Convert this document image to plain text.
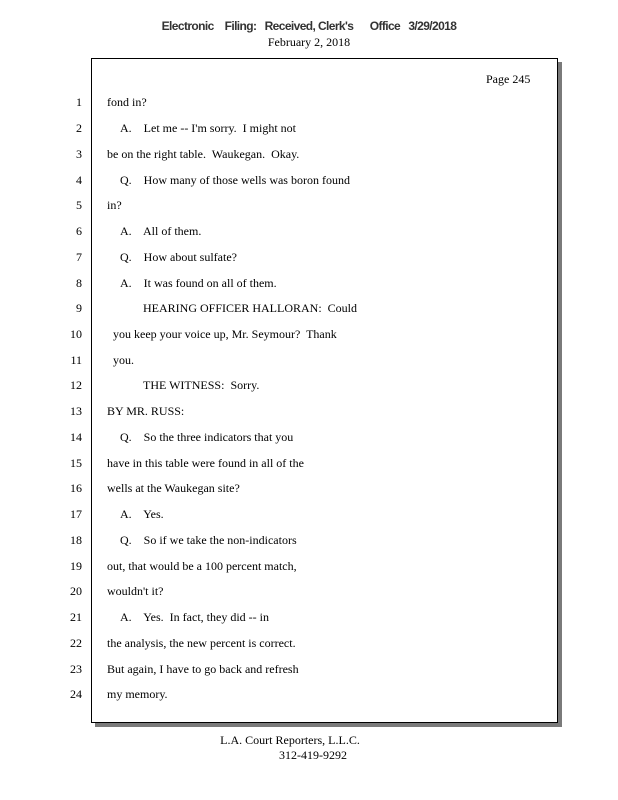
Electronic    Filing:   Received, Clerk's      Office   3/29/2018
February 2, 2018
Page 245
1
2
3
4
5
6
7
8
9
10
11
12
13
14
15
16
17
18
19
20
21
22
23
24
fond in?
A.    Let me -- I'm sorry.  I might not
be on the right table.  Waukegan.  Okay.
Q.    How many of those wells was boron found
in?
A.    All of them.
Q.    How about sulfate?
A.    It was found on all of them.
HEARING OFFICER HALLORAN:  Could
you keep your voice up, Mr. Seymour?  Thank
you.
THE WITNESS:  Sorry.
BY MR. RUSS:
Q.    So the three indicators that you
have in this table were found in all of the
wells at the Waukegan site?
A.    Yes.
Q.    So if we take the non-indicators
out, that would be a 100 percent match,
wouldn't it?
A.    Yes.  In fact, they did -- in
the analysis, the new percent is correct.
But again, I have to go back and refresh
my memory.
L.A. Court Reporters, L.L.C.
312-419-9292
